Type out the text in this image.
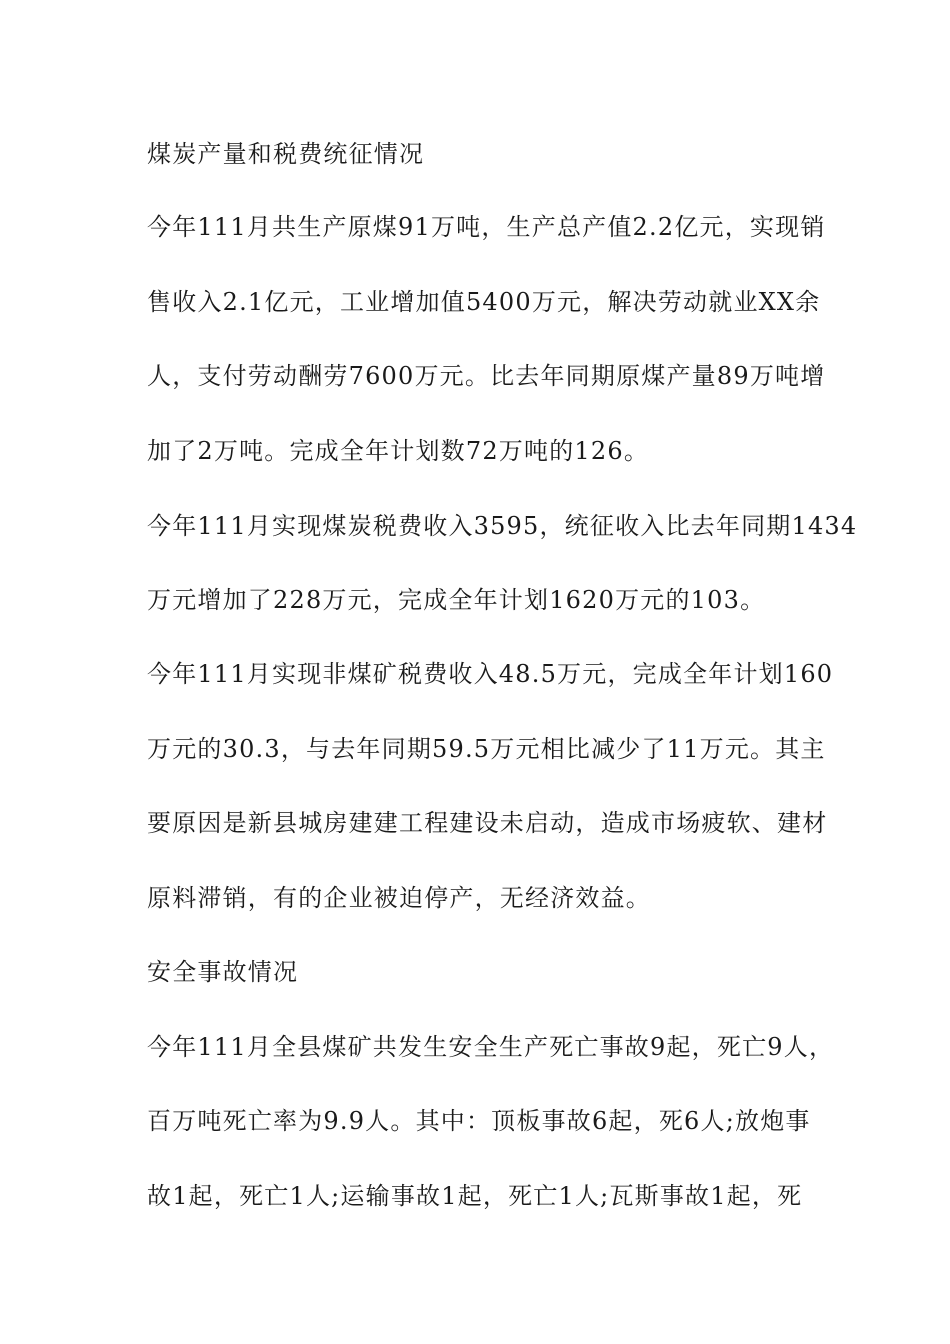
煤炭产量和税费统征情况

今年111月共生产原煤91万吨，生产总产值2.2亿元，实现销

售收入2.1亿元，工业增加值5400万元，解决劳动就业XX余

人，支付劳动酬劳7600万元。比去年同期原煤产量89万吨增

加了2万吨。完成全年计划数72万吨的126。

今年111月实现煤炭税费收入3595，统征收入比去年同期1434

万元增加了228万元，完成全年计划1620万元的103。

今年111月实现非煤矿税费收入48.5万元，完成全年计划160

万元的30.3，与去年同期59.5万元相比减少了11万元。其主

要原因是新县城房建建工程建设未启动，造成市场疲软、建材

原料滞销，有的企业被迫停产，无经济效益。

安全事故情况

今年111月全县煤矿共发生安全生产死亡事故9起，死亡9人，

百万吨死亡率为9.9人。其中：顶板事故6起，死6人;放炮事

故1起，死亡1人;运输事故1起，死亡1人;瓦斯事故1起，死
